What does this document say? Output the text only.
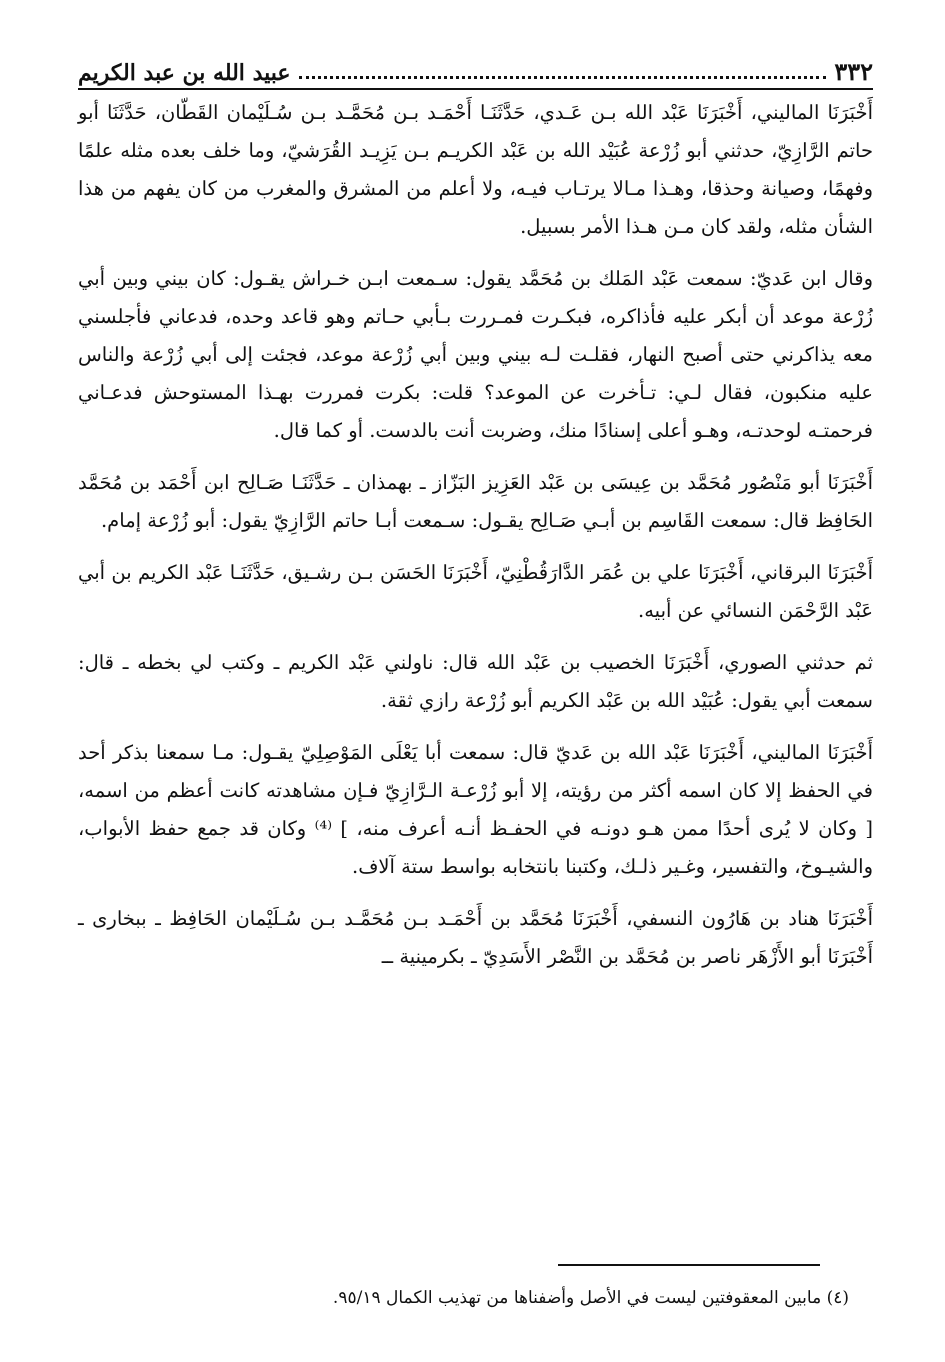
٣٣٢
عبيد الله بن عبد الكريم

أَخْبَرَنَا الماليني، أَخْبَرَنَا عَبْد الله بـن عَـدي، حَدَّثَنَـا أَحْمَـد بـن مُحَمَّـد بـن سُـلَيْمان القَطّان، حَدَّثَنَا أبو حاتم الرَّازِيّ، حدثني أبو زُرْعة عُبَيْد الله بن عَبْد الكريـم بـن يَزِيـد القُرَشيّ، وما خلف بعده مثله علمًا وفهمًا، وصيانة وحذقا، وهـذا مـالا يرتـاب فيـه، ولا أعلم من المشرق والمغرب من كان يفهم من هذا الشأن مثله، ولقد كان مـن هـذا الأمر بسبيل.

وقال ابن عَديّ: سمعت عَبْد المَلك بن مُحَمَّد يقول: سـمعت ابـن خـراش يقـول: كان بيني وبين أبي زُرْعة موعد أن أبكر عليه فأذاكره، فبكـرت فمـررت بـأبي حـاتم وهو قاعد وحده، فدعاني فأجلسني معه يذاكرني حتى أصبح النهار، فقلـت لـه بيني وبين أبي زُرْعة موعد، فجئت إلى أبي زُرْعة والناس عليه منكبون، فقال لـي: تـأخرت عن الموعد؟ قلت: بكرت فمررت بهـذا المستوحش فدعـاني فرحمتـه لوحدتـه، وهـو أعلى إسنادًا منك، وضربت أنت بالدست. أو كما قال.

أَخْبَرَنَا أبو مَنْصُور مُحَمَّد بن عِيسَى بن عَبْد العَزِيز البَزّاز ـ بهمذان ـ حَدَّثَنَـا صَـالِح ابن أَحْمَد بن مُحَمَّد الحَافِظ قال: سمعت القَاسِم بن أبـي صَـالِح يقـول: سـمعت أبـا حاتم الرَّازِيّ يقول: أبو زُرْعة إمام.

أَخْبَرَنَا البرقاني، أَخْبَرَنَا علي بن عُمَر الدَّارَقُطْنِيّ، أَخْبَرَنَا الحَسَن بـن رشـيق، حَدَّثَنَـا عَبْد الكريم بن أبي عَبْد الرَّحْمَن النسائي عن أبيه.

ثم حدثني الصوري، أَخْبَرَنَا الخصيب بن عَبْد الله قال: ناولني عَبْد الكريم ـ وكتب لي بخطه ـ قال: سمعت أبي يقول: عُبَيْد الله بن عَبْد الكريم أبو زُرْعة رازي ثقة.

أَخْبَرَنَا الماليني، أَخْبَرَنَا عَبْد الله بن عَديّ قال: سمعت أبا يَعْلَى المَوْصِلِيّ يقـول: مـا سمعنا بذكر أحد في الحفظ إلا كان اسمه أكثر من رؤيته، إلا أبو زُرْعـة الـرَّازِيّ فـإن مشاهدته كانت أعظم من اسمه، [ وكان لا يُرى أحدًا ممن هـو دونـه في الحفـظ أنـه أعرف منه، ] ⁽⁴⁾ وكان قد جمع حفظ الأبواب، والشيـوخ، والتفسير، وغـير ذلـك، وكتبنا بانتخابه بواسط ستة آلاف.

أَخْبَرَنَا هناد بن هَارُون النسفي، أَخْبَرَنَا مُحَمَّد بن أَحْمَـد بـن مُحَمَّـد بـن سُـلَيْمان الحَافِظ ـ ببخارى ـ أَخْبَرَنَا أبو الأَزْهَر ناصر بن مُحَمَّد بن النَّصْر الأَسَدِيّ ـ بكرمينية ــ

(٤) مابين المعقوفتين ليست في الأصل وأضفناها من تهذيب الكمال ٩٥/١٩.
